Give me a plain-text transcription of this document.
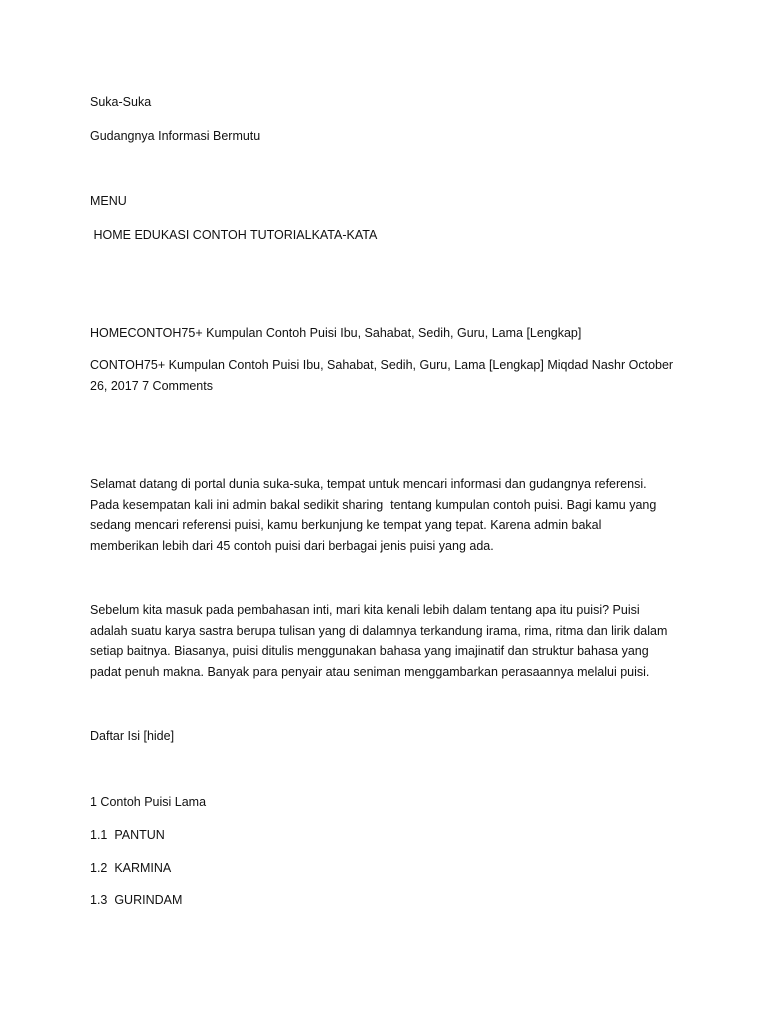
Suka-Suka
Gudangnya Informasi Bermutu
MENU
HOME EDUKASI CONTOH TUTORIALKATA-KATA
HOMECONTOH75+ Kumpulan Contoh Puisi Ibu, Sahabat, Sedih, Guru, Lama [Lengkap]
CONTOH75+ Kumpulan Contoh Puisi Ibu, Sahabat, Sedih, Guru, Lama [Lengkap] Miqdad Nashr October
26, 2017 7 Comments
Selamat datang di portal dunia suka-suka, tempat untuk mencari informasi dan gudangnya referensi.
Pada kesempatan kali ini admin bakal sedikit sharing  tentang kumpulan contoh puisi. Bagi kamu yang
sedang mencari referensi puisi, kamu berkunjung ke tempat yang tepat. Karena admin bakal
memberikan lebih dari 45 contoh puisi dari berbagai jenis puisi yang ada.
Sebelum kita masuk pada pembahasan inti, mari kita kenali lebih dalam tentang apa itu puisi? Puisi
adalah suatu karya sastra berupa tulisan yang di dalamnya terkandung irama, rima, ritma dan lirik dalam
setiap baitnya. Biasanya, puisi ditulis menggunakan bahasa yang imajinatif dan struktur bahasa yang
padat penuh makna. Banyak para penyair atau seniman menggambarkan perasaannya melalui puisi.
Daftar Isi [hide]
1 Contoh Puisi Lama
1.1  PANTUN
1.2  KARMINA
1.3  GURINDAM
